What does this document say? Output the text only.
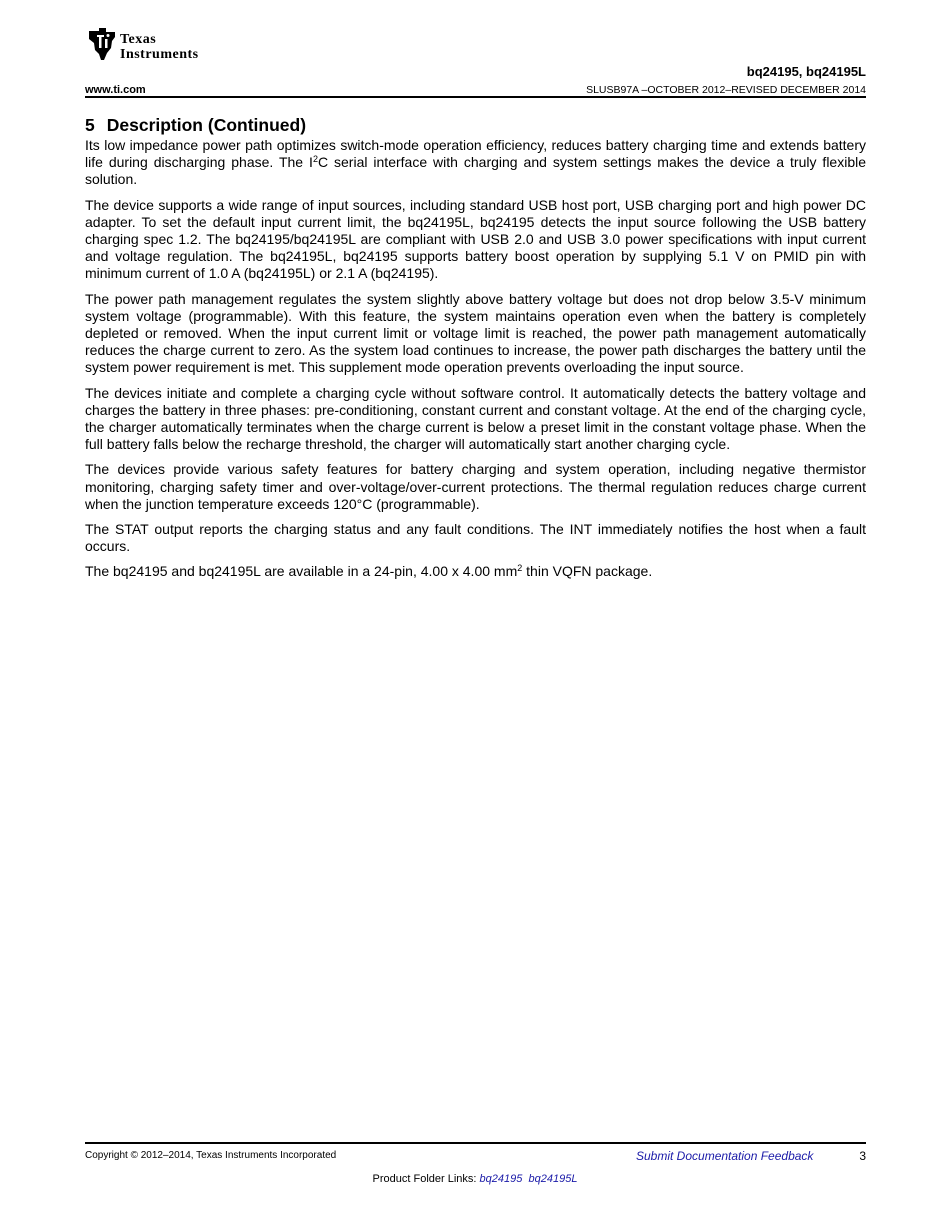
Texas
Instruments
bq24195, bq24195L
www.ti.com	SLUSB97A –OCTOBER 2012–REVISED DECEMBER 2014
5 Description (Continued)

Its low impedance power path optimizes switch-mode operation efficiency, reduces battery charging time and extends battery life during discharging phase. The $I^2C$ serial interface with charging and system settings makes the device a truly flexible solution.

The device supports a wide range of input sources, including standard USB host port, USB charging port and high power DC adapter. To set the default input current limit, the bq24195L, bq24195 detects the input source following the USB battery charging spec 1.2. The bq24195/bq24195L are compliant with USB 2.0 and USB 3.0 power specifications with input current and voltage regulation. The bq24195L, bq24195 supports battery boost operation by supplying 5.1 V on PMID pin with minimum current of 1.0 A (bq24195L) or 2.1 A (bq24195).

The power path management regulates the system slightly above battery voltage but does not drop below 3.5-V minimum system voltage (programmable). With this feature, the system maintains operation even when the battery is completely depleted or removed. When the input current limit or voltage limit is reached, the power path management automatically reduces the charge current to zero. As the system load continues to increase, the power path discharges the battery until the system power requirement is met. This supplement mode operation prevents overloading the input source.

The devices initiate and complete a charging cycle without software control. It automatically detects the battery voltage and charges the battery in three phases: pre-conditioning, constant current and constant voltage. At the end of the charging cycle, the charger automatically terminates when the charge current is below a preset limit in the constant voltage phase. When the full battery falls below the recharge threshold, the charger will automatically start another charging cycle.

The devices provide various safety features for battery charging and system operation, including negative thermistor monitoring, charging safety timer and over-voltage/over-current protections. The thermal regulation reduces charge current when the junction temperature exceeds 120°C (programmable).

The STAT output reports the charging status and any fault conditions. The INT immediately notifies the host when a fault occurs.

The bq24195 and bq24195L are available in a 24-pin, 4.00 x 4.00 $mm^2$ thin VQFN package.

Copyright © 2012–2014, Texas Instruments Incorporated	Submit Documentation Feedback	3
Product Folder Links: bq24195 bq24195L
